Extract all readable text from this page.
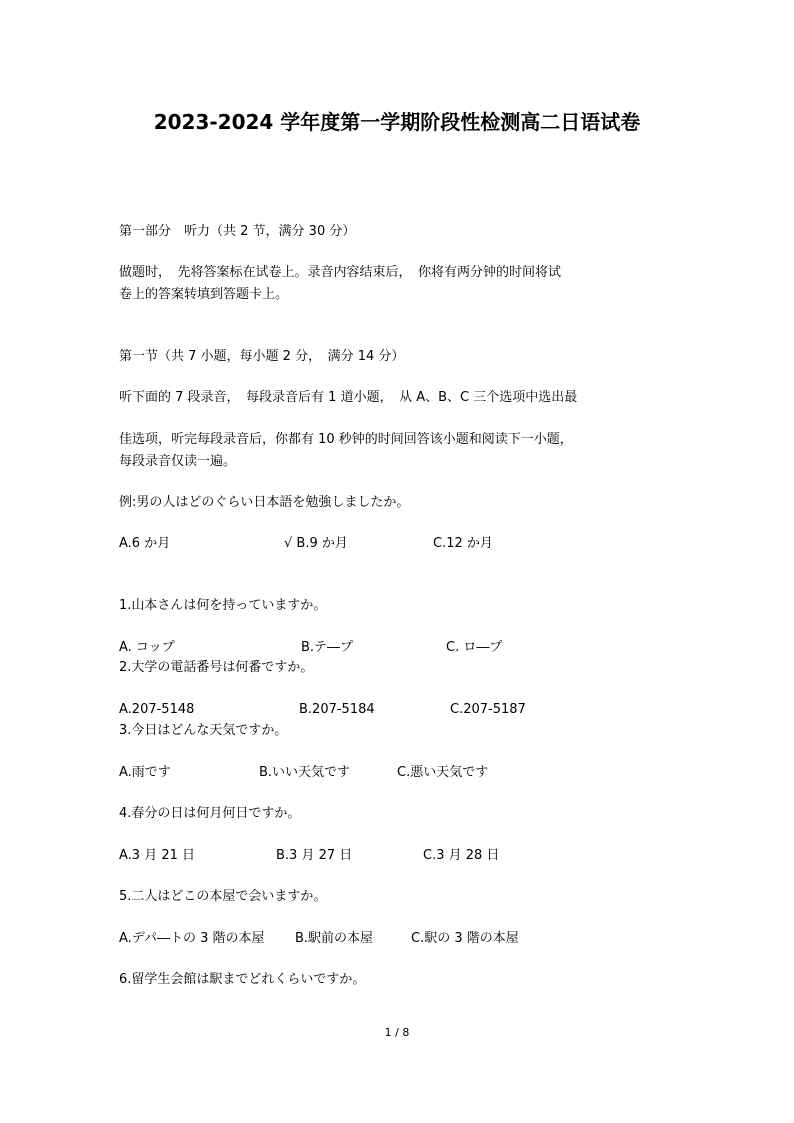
2023-2024 学年度第一学期阶段性检测高二日语试卷
第一部分　听力（共 2 节，满分 30 分）
做题时，　先将答案标在试卷上。录音内容结束后，　你将有两分钟的时间将试
卷上的答案转填到答题卡上。
第一节（共 7 小题，每小题 2 分，　满分 14 分）
听下面的 7 段录音，　每段录音后有 1 道小题，　从 A、B、C 三个选项中选出最
佳选项，听完每段录音后，你都有 10 秒钟的时间回答该小题和阅读下一小题，
每段录音仅读一遍。
例:男の人はどのぐらい日本語を勉強しましたか。
A.6 か月	√ B.9 か月	C.12 か月
1.山本さんは何を持っていますか。
A. コップ	B.テ―プ	C. ロ―プ
2.大学の電話番号は何番ですか。
A.207-5148	B.207-5184	C.207-5187
3.今日はどんな天気ですか。
A.雨です	B.いい天気です	C.悪い天気です
4.春分の日は何月何日ですか。
A.3 月 21 日	B.3 月 27 日	C.3 月 28 日
5.二人はどこの本屋で会いますか。
A.デパ―トの 3 階の本屋 B.駅前の本屋	C.駅の 3 階の本屋
6.留学生会館は駅までどれくらいですか。
1 / 8
